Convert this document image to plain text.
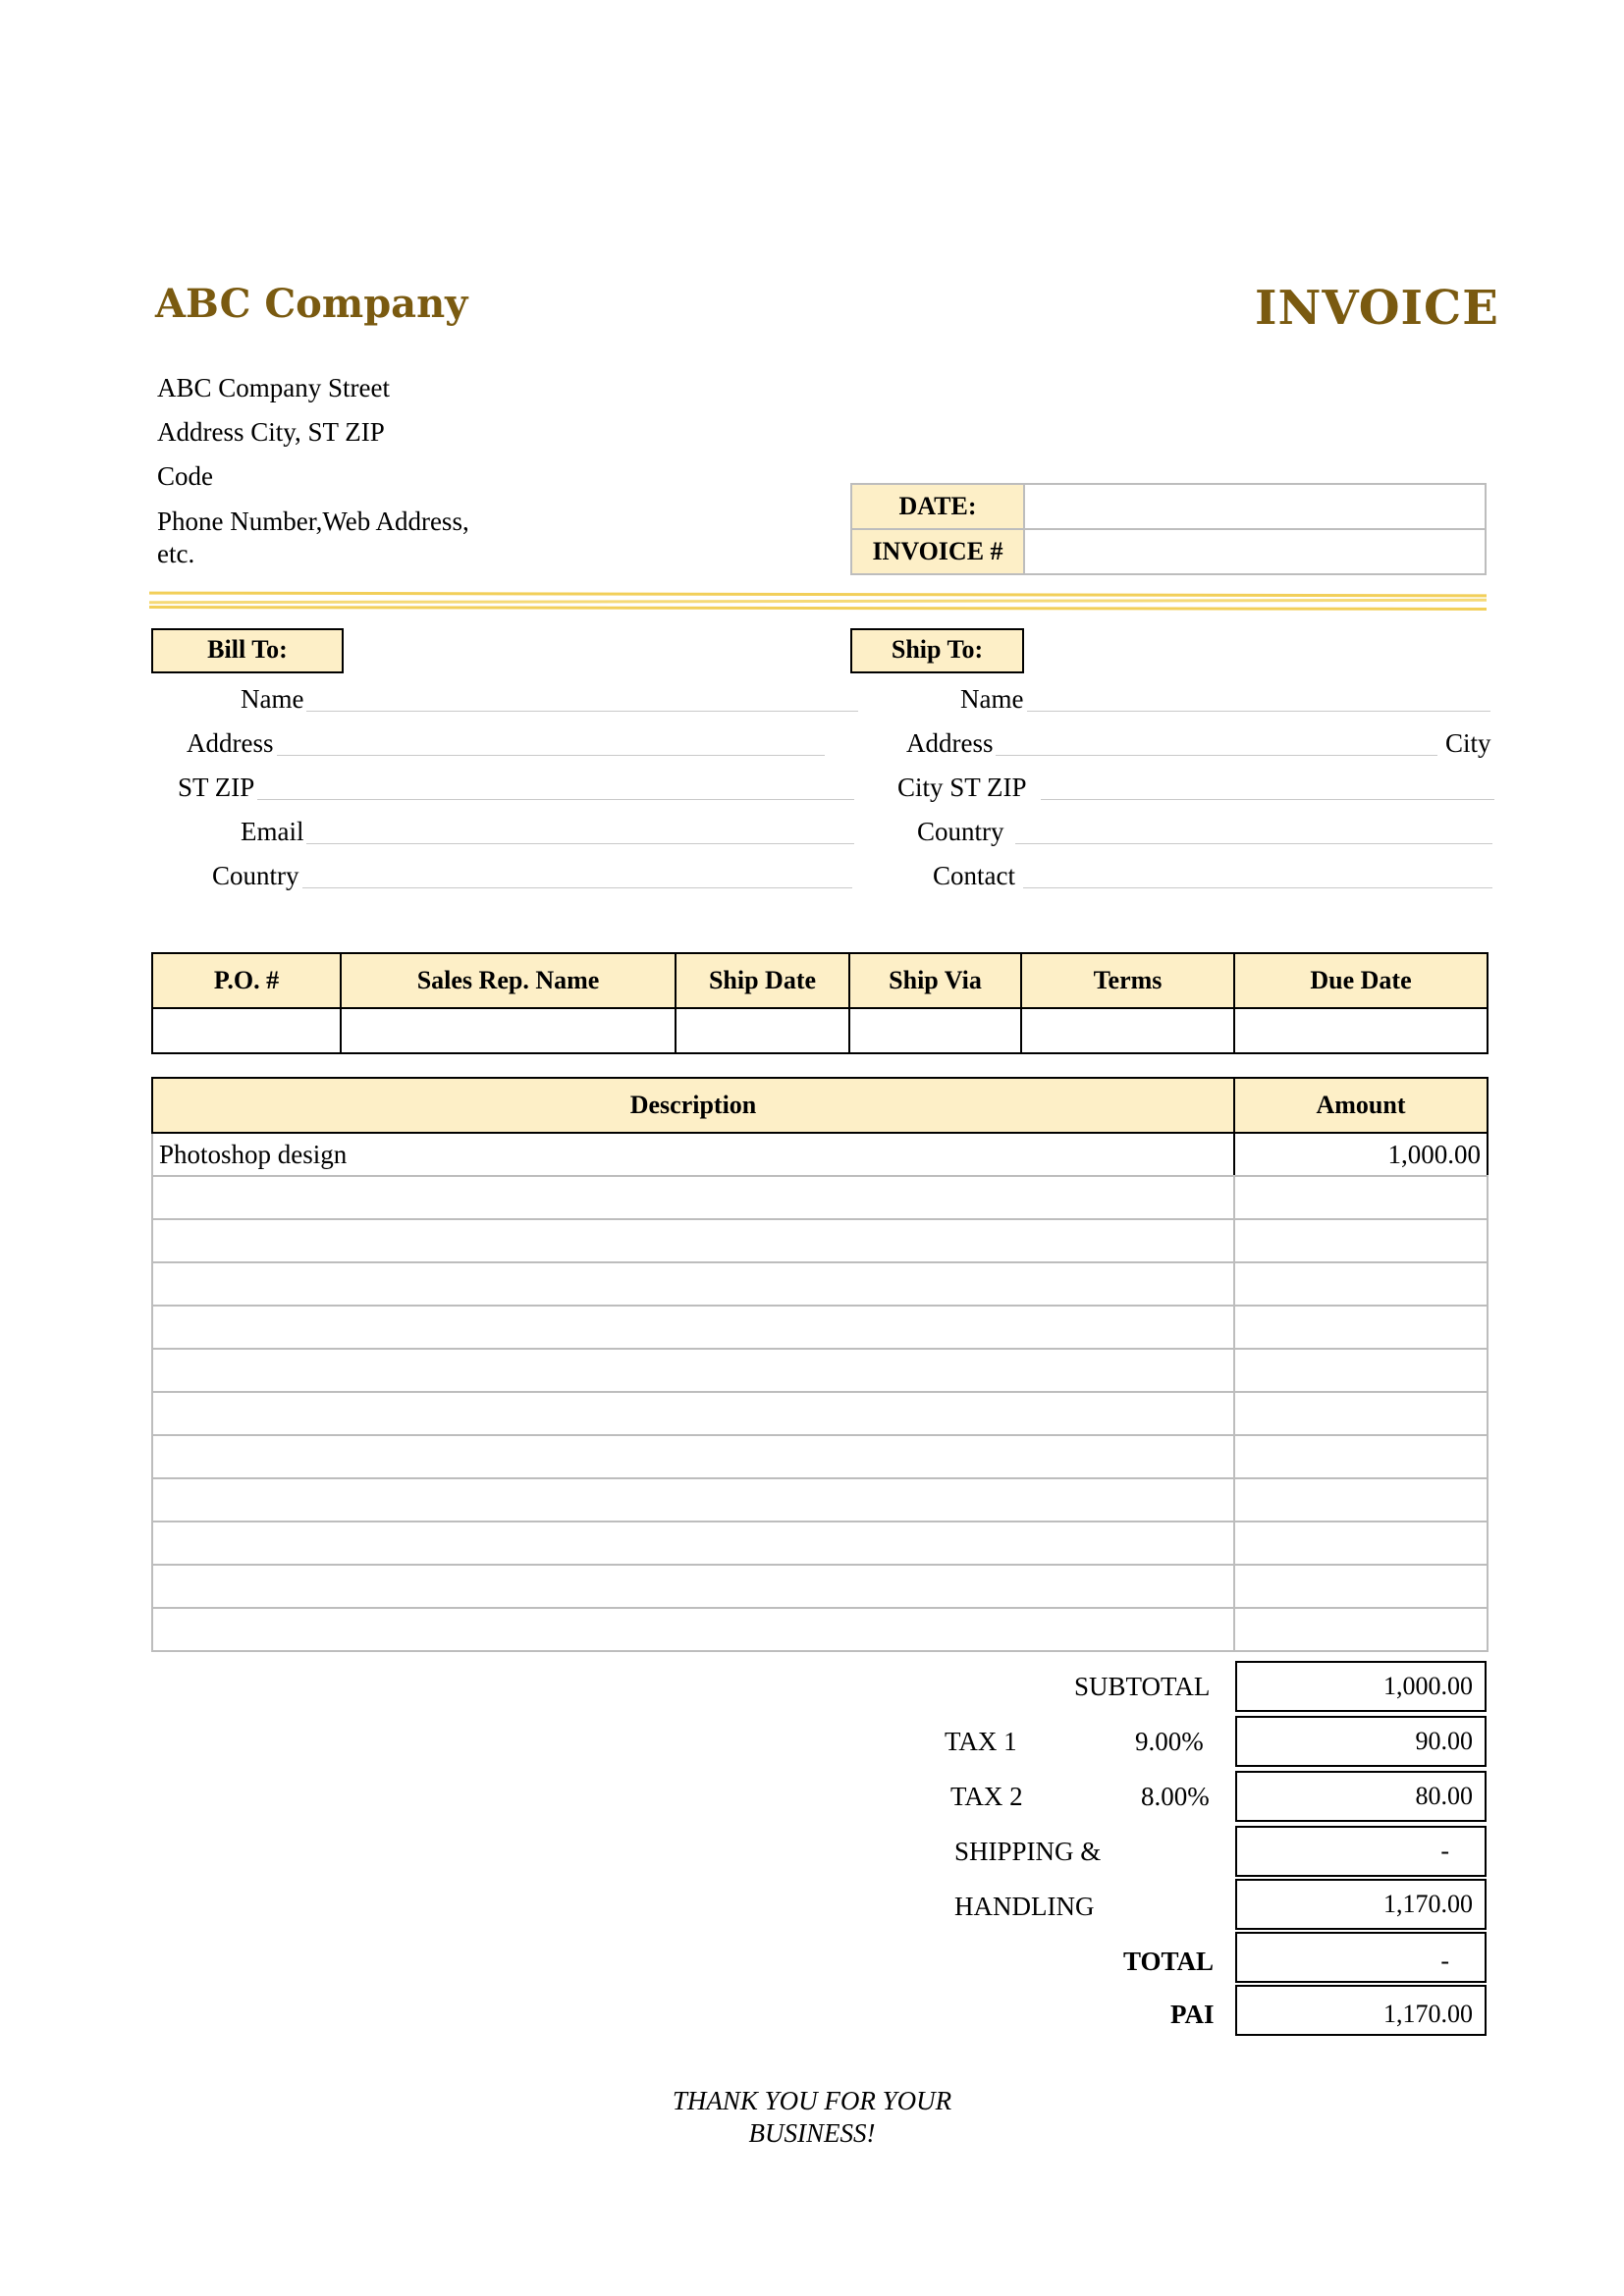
ABC Company	INVOICE
ABC Company Street
Address City, ST ZIP
Code
Phone Number,Web Address,
etc.
DATE:	
INVOICE #	
Bill To:
Name
Address
ST ZIP
Email
Country
Ship To:
Name
Address	City
City ST ZIP
Country
Contact
P.O. #	Sales Rep. Name	Ship Date	Ship Via	Terms	Due Date

Description	Amount
Photoshop design	1,000.00

SUBTOTAL	1,000.00
TAX 1	9.00%	90.00
TAX 2	8.00%	80.00
SHIPPING &	-
HANDLING	1,170.00
TOTAL	-
PAI	1,170.00
THANK YOU FOR YOUR
BUSINESS!
